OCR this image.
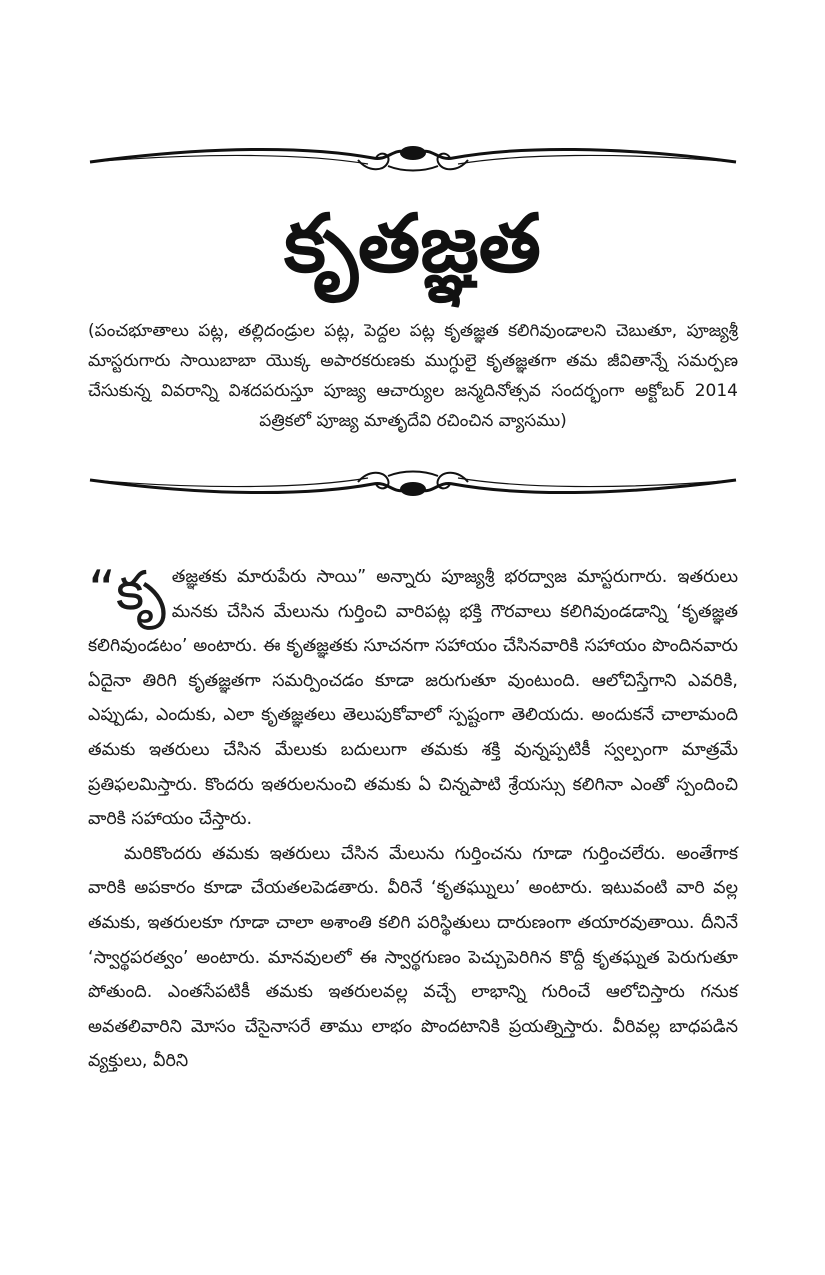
కృతజ్ఞత
(పంచభూతాలు పట్ల, తల్లిదండ్రుల పట్ల, పెద్దల పట్ల కృతజ్ఞత కలిగివుండాలని చెబుతూ, పూజ్యశ్రీ మాస్టరుగారు సాయిబాబా యొక్క అపారకరుణకు ముగ్ధులై కృతజ్ఞతగా తమ జీవితాన్నే సమర్పణ చేసుకున్న వివరాన్ని విశదపరుస్తూ పూజ్య ఆచార్యుల జన్మదినోత్సవ సందర్భంగా అక్టోబర్ 2014 పత్రికలో పూజ్య మాతృదేవి రచించిన వ్యాసము)

“కృ తజ్ఞతకు మారుపేరు సాయి” అన్నారు పూజ్యశ్రీ భరద్వాజ మాస్టరుగారు. ఇతరులు మనకు చేసిన మేలును గుర్తించి వారిపట్ల భక్తి గౌరవాలు కలిగివుండడాన్ని ‘కృతజ్ఞత కలిగివుండటం’ అంటారు. ఈ కృతజ్ఞతకు సూచనగా సహాయం చేసినవారికి సహాయం పొందినవారు ఏదైనా తిరిగి కృతజ్ఞతగా సమర్పించడం కూడా జరుగుతూ వుంటుంది. ఆలోచిస్తేగాని ఎవరికి, ఎప్పుడు, ఎందుకు, ఎలా కృతజ్ఞతలు తెలుపుకోవాలో స్పష్టంగా తెలియదు. అందుకనే చాలామంది తమకు ఇతరులు చేసిన మేలుకు బదులుగా తమకు శక్తి వున్నప్పటికీ స్వల్పంగా మాత్రమే ప్రతిఫలమిస్తారు. కొందరు ఇతరులనుంచి తమకు ఏ చిన్నపాటి శ్రేయస్సు కలిగినా ఎంతో స్పందించి వారికి సహాయం చేస్తారు.

మరికొందరు తమకు ఇతరులు చేసిన మేలును గుర్తించను గూడా గుర్తించలేరు. అంతేగాక వారికి అపకారం కూడా చేయతలపెడతారు. వీరినే ‘కృతఘ్నులు’ అంటారు. ఇటువంటి వారి వల్ల తమకు, ఇతరులకూ గూడా చాలా అశాంతి కలిగి పరిస్థితులు దారుణంగా తయారవుతాయి. దీనినే ‘స్వార్థపరత్వం’ అంటారు. మానవులలో ఈ స్వార్థగుణం పెచ్చుపెరిగిన కొద్దీ కృతఘ్నత పెరుగుతూ పోతుంది. ఎంతసేపటికీ తమకు ఇతరులవల్ల వచ్చే లాభాన్ని గురించే ఆలోచిస్తారు గనుక అవతలివారిని మోసం చేసైనాసరే తాము లాభం పొందటానికి ప్రయత్నిస్తారు. వీరివల్ల బాధపడిన వ్యక్తులు, వీరిని
